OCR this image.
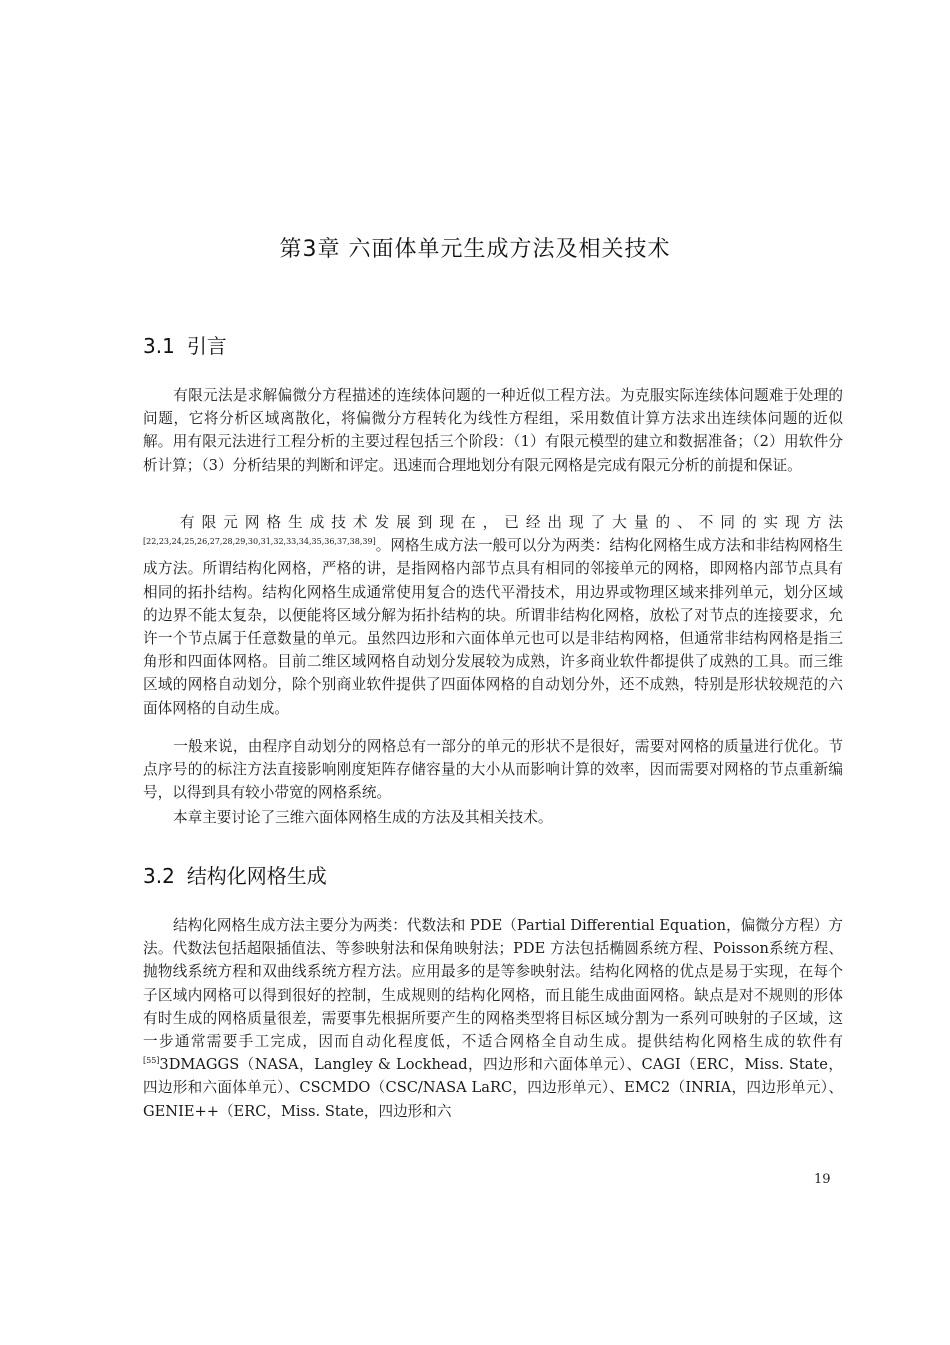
第3章 六面体单元生成方法及相关技术
3.1 引言

有限元法是求解偏微分方程描述的连续体问题的一种近似工程方法。为克服实际连续体问题难于处理的问题，它将分析区域离散化，将偏微分方程转化为线性方程组，采用数值计算方法求出连续体问题的近似解。用有限元法进行工程分析的主要过程包括三个阶段：（1）有限元模型的建立和数据准备；（2）用软件分析计算；（3）分析结果的判断和评定。迅速而合理地划分有限元网格是完成有限元分析的前提和保证。

有限元网格生成技术发展到现在，已经出现了大量的、不同的实现方法[22,23,24,25,26,27,28,29,30,31,32,33,34,35,36,37,38,39]。网格生成方法一般可以分为两类：结构化网格生成方法和非结构网格生成方法。所谓结构化网格，严格的讲，是指网格内部节点具有相同的邻接单元的网格，即网格内部节点具有相同的拓扑结构。结构化网格生成通常使用复合的迭代平滑技术，用边界或物理区域来排列单元，划分区域的边界不能太复杂，以便能将区域分解为拓扑结构的块。所谓非结构化网格，放松了对节点的连接要求，允许一个节点属于任意数量的单元。虽然四边形和六面体单元也可以是非结构网格，但通常非结构网格是指三角形和四面体网格。目前二维区域网格自动划分发展较为成熟，许多商业软件都提供了成熟的工具。而三维区域的网格自动划分，除个别商业软件提供了四面体网格的自动划分外，还不成熟，特别是形状较规范的六面体网格的自动生成。

一般来说，由程序自动划分的网格总有一部分的单元的形状不是很好，需要对网格的质量进行优化。节点序号的的标注方法直接影响刚度矩阵存储容量的大小从而影响计算的效率，因而需要对网格的节点重新编号，以得到具有较小带宽的网格系统。

本章主要讨论了三维六面体网格生成的方法及其相关技术。

3.2 结构化网格生成

结构化网格生成方法主要分为两类：代数法和 PDE（Partial Differential Equation，偏微分方程）方法。代数法包括超限插值法、等参映射法和保角映射法；PDE 方法包括椭圆系统方程、Poisson系统方程、抛物线系统方程和双曲线系统方程方法。应用最多的是等参映射法。结构化网格的优点是易于实现，在每个子区域内网格可以得到很好的控制，生成规则的结构化网格，而且能生成曲面网格。缺点是对不规则的形体有时生成的网格质量很差，需要事先根据所要产生的网格类型将目标区域分割为一系列可映射的子区域，这一步通常需要手工完成，因而自动化程度低，不适合网格全自动生成。提供结构化网格生成的软件有[55]3DMAGGS（NASA，Langley & Lockhead，四边形和六面体单元）、CAGI（ERC，Miss. State，四边形和六面体单元）、CSCMDO（CSC/NASA LaRC，四边形单元）、EMC2（INRIA，四边形单元）、GENIE++（ERC，Miss. State，四边形和六

19
